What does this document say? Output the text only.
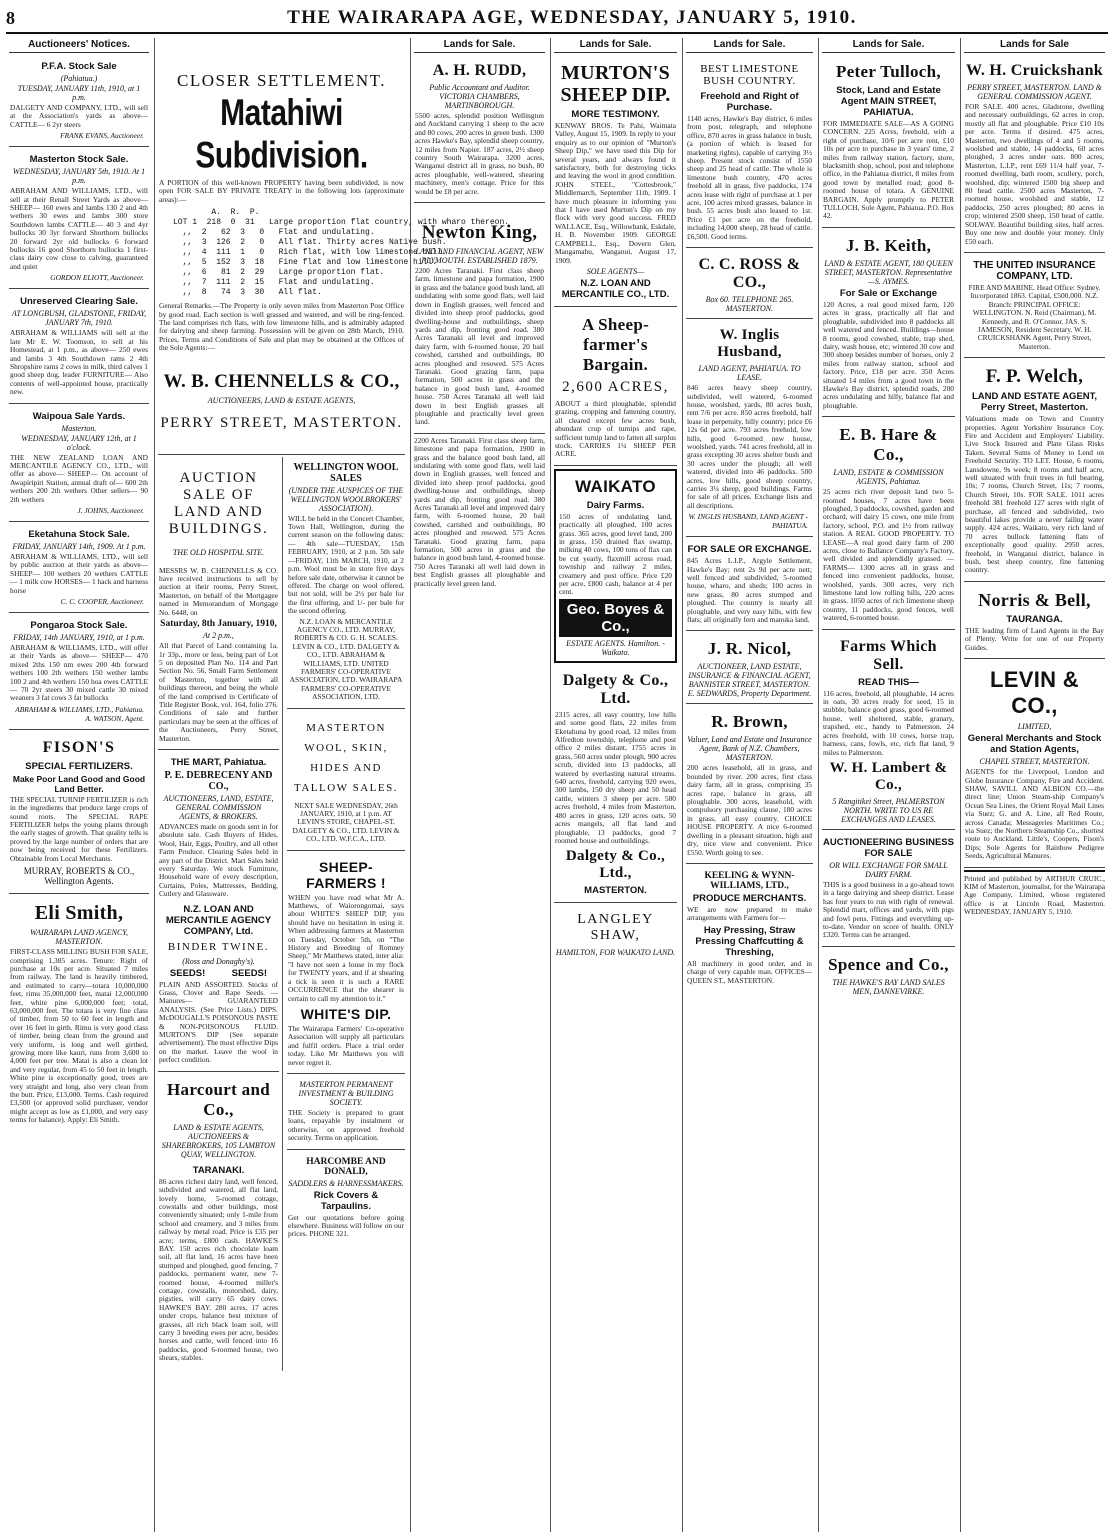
8	THE WAIRARAPA AGE, WEDNESDAY, JANUARY 5, 1910.
Auctioneers' Notices.
P.F.A. Stock Sale
(Pahiatua.)
TUESDAY, JANUARY 11th, 1910, at 1 p.m.
DALGETY AND COMPANY, LTD., will sell at the Association's yards as above— CATTLE— 6 2yr steers
FRANK EVANS, Auctioneer.
Masterton Stock Sale.
WEDNESDAY, JANUARY 5th, 1910. At 1 p.m.
ABRAHAM AND WILLIAMS, LTD., will sell at their Renall Street Yards as above— SHEEP— 160 ewes and lambs 130 2 and 4th wethers 30 ewes and lambs 300 store Southdown lambs CATTLE— 40 3 and 4yr bullocks 30 3yr forward Shorthorn bullocks 20 forward 2yr old bullocks 6 forward bullocks 16 good Shorthorn bullocks 1 first-class dairy cow close to calving, guaranteed and quiet
GORDON ELIOTT, Auctioneer.
Unreserved Clearing Sale.
AT LONGBUSH, GLADSTONE, FRIDAY, JANUARY 7th, 1910.
ABRAHAM & WILLIAMS will sell at the late Mr E. W. Toomson, to sell at his Homestead, at 1 p.m., as above— 250 ewes and lambs 3 4th Southdown rams 2 4th Shropshire rams 2 cows in milk, third calves 1 good sheep dog, leader FURNITURE— Also contents of well-appointed house, practically new.
Waipoua Sale Yards.
Masterton.
WEDNESDAY, JANUARY 12th, at 1 o'clock.
THE NEW ZEALAND LOAN AND MERCANTILE AGENCY CO., LTD., will offer as above— SHEEP— On account of Awapiripiri Station, annual draft of— 600 2th wethers 200 2th wethers Other sellers— 90 2th wethers
J. JOHNS, Auctioneer.
Eketahuna Stock Sale.
FRIDAY, JANUARY 14th, 1909. At 1 p.m.
ABRAHAM & WILLIAMS, LTD., will sell by public auction at their yards as above— SHEEP— 100 wethers 20 wethers CATTLE— 1 milk cow HORSES— 1 hack and harness horse
C. C. COOPER, Auctioneer.
Pongaroa Stock Sale.
FRIDAY, 14th JANUARY, 1910, at 1 p.m.
ABRAHAM & WILLIAMS, LTD., will offer at their Yards as above— SHEEP— 470 mixed 2ths 150 nm ewes 200 4th forward wethers 100 2th wethers 150 wether lambs 100 2 and 4th wethers 150 hoa ewes CATTLE— 70 2yr steers 30 mixed cattle 30 mixed weaners 3 fat cows 3 fat bullocks
ABRAHAM & WILLIAMS, LTD., Pahiatua. A. WATSON, Agent.
FISON'S
SPECIAL FERTILIZERS.
Make Poor Land Good and Good Land Better.
THE SPECIAL TURNIP FERTILIZER is rich in the ingredients that produce large crops of sound roots. The SPECIAL RAPE FERTILIZER helps the young plants through the early stages of growth. That quality tells is proved by the large number of orders that are now being received for these Fertilizers. Obtainable from Local Merchants.
MURRAY, ROBERTS & CO., Wellington Agents.
Eli Smith,
WAIRARAPA LAND AGENCY, MASTERTON.
FIRST-CLASS MILLING BUSH FOR SALE, comprising 1,385 acres. Tenure: Right of purchase at 10s per acre. Situated 7 miles from railway. The land is heavily timbered, and estimated to carry—totara 10,000,000 feet, rimu 35,000,000 feet, matai 12,000,000 feet, white pine 6,000,000 feet; total, 63,000,000 feet. The totara is very fine class of timber, from 50 to 60 feet in length and over 16 feet in girth. Rimu is very good class of timber, being clean from the ground and very uniform, is long and well girthed, growing more like kauri, runs from 3,600 to 4,000 feet per tree. Matai is also a clean lot and very regular, from 45 to 50 feet in length. White pine is exceptionally good, trees are very straight and long, also very clean from the butt. Price, £13,000. Terms. Cash required £3,500 (or approved solid purchaser, vendor might accept as low as £1,000, and very easy terms for balance). Apply: Eli Smith.
CLOSER SETTLEMENT.
Matahiwi Subdivision.
A PORTION of this well-known PROPERTY having been subdivided, is now open FOR SALE BY PRIVATE TREATY in the following lots (approximate areas):—
A.  R.  P.
LOT 1  218  0  31   Large proportion flat country, with wharo thereon.
,,  2   62  3   0   Flat and undulating.
,,  3  126  2   0   All flat. Thirty acres Native bush.
,,  4  111  1   0   Rich flat, with low limestone hill.
,,  5  152  3  18   Fine flat and low limestone hill.
,,  6   81  2  29   Large proportion flat.
,,  7  111  2  15   Flat and undulating.
,,  8   74  3  30   All flat.
General Remarks.—The Property is only seven miles from Masterton Post Office by good road. Each section is well grassed and watered, and will be ring-fenced. The land comprises rich flats, with low limestone hills, and is admirably adapted for dairying and sheep farming. Possession will be given on 28th March, 1910. Prices, Terms and Conditions of Sale and plan may be obtained at the Offices of the Sole Agents:—
W. B. CHENNELLS & CO.,
AUCTIONEERS, LAND & ESTATE AGENTS,
PERRY STREET, MASTERTON.
AUCTION SALE OF LAND AND BUILDINGS.
THE OLD HOSPITAL SITE.
MESSRS W. B. CHENNELLS & CO. have received instructions to sell by auction at their rooms, Perry Street, Masterton, on behalf of the Mortgagee named in Memorandum of Mortgage No. 6448, on
Saturday, 8th January, 1910,
At 2 p.m.,
All that Parcel of Land containing 1a. 1r 33p., more or less, being part of Lot 5 on deposited Plan No. 114 and Part Section No. 56, Small Farm Settlement of Masterton, together with all buildings thereon, and being the whole of the land comprised in Certificate of Title Register Book, vol. 164, folio 276. Conditions of sale and further particulars may be seen at the offices of the Auctioneers, Perry Street, Masterton.
THE MART, Pahiatua.
P. E. DEBRECENY AND CO.,
AUCTIONEERS, LAND, ESTATE, GENERAL COMMISSION AGENTS, & BROKERS.
ADVANCES made on goods sent in for absolute sale. Cash Buyers of Hides, Wool, Hair, Eggs, Poultry, and all other Farm Produce. Clearing Sales held in any part of the District. Mart Sales held every Saturday. We stock Furniture, Household ware of every description, Curtains, Poles, Mattresses, Bedding, Cutlery and Glassware.
N.Z. LOAN AND MERCANTILE AGENCY COMPANY, Ltd.
BINDER TWINE.
(Ross and Donaghy's).
SEEDS!          SEEDS!
PLAIN AND ASSORTED. Stocks of Grass, Clover and Rape Seeds. —Manures— GUARANTEED ANALYSIS. (See Price Lists.) DIPS. McDOUGALL'S POISONOUS PASTE & NON-POISONOUS FLUID. MURTON'S DIP (See separate advertisement). The most effective Dips on the market. Leave the wool in perfect condition.
Harcourt and Co.,
LAND & ESTATE AGENTS, AUCTIONEERS & SHAREBROKERS, 105 LAMBTON QUAY, WELLINGTON.
TARANAKI.
86 acres richest dairy land, well fenced, subdivided and watered, all flat land, lovely home, 5-roomed cottage, cowstalls and other buildings, most conveniently situated; only 1-mile from school and creamery, and 3 miles from railway by metal road. Price is £35 per acre; terms, £800 cash. HAWKE'S BAY. 150 acres rich chocolate loam soil, all flat land, 16 acres have been stumped and ploughed, good fencing, 7 paddocks, permanent water, new 7-roomed house, 4-roomed miller's cottage, cowstalls, motorshed, dairy, pigsties, will carry 65 dairy cows. HAWKE'S BAY. 280 acres, 17 acres under crops, balance best mixture of grasses, all rich black loam soil, will carry 3 breeding ewes per acre, besides horses and cattle, well fenced into 16 paddocks, good 6-roomed house, two shears, stables.
WELLINGTON WOOL SALES
(UNDER THE AUSPICES OF THE WELLINGTON WOOLBROKERS' ASSOCIATION).
WILL be held in the Concert Chamber, Town Hall, Wellington, during the current season on the following dates:— 4th sale—TUESDAY, 15th FEBRUARY, 1910, at 2 p.m. 5th sale—FRIDAY, 11th MARCH, 1910, at 2 p.m. Wool must be in store five days before sale date, otherwise it cannot be offered. The charge on wool offered, but not sold, will be 2½ per bale for the first offering, and 1/- per bale for the second offering.
N.Z. LOAN & MERCANTILE AGENCY CO., LTD. MURRAY, ROBERTS & CO. G. H. SCALES. LEVIN & CO., LTD. DALGETY & CO., LTD. ABRAHAM & WILLIAMS, LTD. UNITED FARMERS' CO-OPERATIVE ASSOCIATION, LTD. WAIRARAPA FARMERS' CO-OPERATIVE ASSOCIATION, LTD.
MASTERTON WOOL, SKIN, HIDES AND TALLOW SALES.
NEXT SALE WEDNESDAY, 26th JANUARY, 1910, at 1 p.m. AT LEVIN'S STORE, CHAPEL-ST. DALGETY & CO., LTD. LEVIN & CO., LTD. W.F.C.A., LTD.
SHEEP-FARMERS !
WHEN you have read what Mr A. Matthews, of Waiorongomai, says about WHITE'S SHEEP DIP, you should have no hesitation in using it. When addressing farmers at Masterton on Tuesday, October 5th, on "The History and Breeding of Romney Sheep," Mr Matthews stated, inter alia: "I have not seen a louse in my flock for TWENTY years, and if at shearing a tick is seen it is such a RARE OCCURRENCE that the shearer is certain to call my attention to it."
WHITE'S DIP.
The Wairarapa Farmers' Co-operative Association will supply all particulars and fulfil orders. Place a trial order today. Like Mr Matthews you will never regret it.
MASTERTON PERMANENT INVESTMENT & BUILDING SOCIETY.
THE Society is prepared to grant loans, repayable by instalment or otherwise, on approved freehold security. Terms on application.
HARCOMBE AND DONALD,
SADDLERS & HARNESSMAKERS.
Rick Covers & Tarpaulins.
Get our quotations before going elsewhere. Business will follow on our prices. PHONE 321.
Lands for Sale.
A. H. RUDD,
Public Accountant and Auditor. VICTORIA CHAMBERS, MARTINBOROUGH.
5500 acres, splendid position Wellington and Auckland carrying 1 sheep to the acre and 80 cows, 200 acres in green bush. 1300 acres Hawke's Bay, splendid sheep country, 12 miles from Napier. 187 acres, 2½ sheep country South Wairarapa. 3200 acres, Wanganui district all in grass, no bush, 80 acres ploughable, well-watered, shearing machinery, men's cottage. Price for this would be £8 per acre.
Newton King,
LAND AND FINANCIAL AGENT, NEW PLYMOUTH. ESTABLISHED 1879.
2200 Acres Taranaki. First class sheep farm, limestone and papa formation, 1900 in grass and the balance good bush land, all undulating with some good flats, well laid down in English grasses, well fenced and divided into sheep proof paddocks, good dwelling-house and outbuildings, sheep yards and dip, fronting good road. 380 Acres Taranaki all level and improved dairy farm, with 6-roomed house, 20 bail cowshed, cartshed and outbuildings, 80 acres ploughed and resowed. 575 Acres Taranaki. Good grazing farm, papa formation, 500 acres in grass and the balance in good bush land, 4-roomed house. 750 Acres Taranaki all well laid down in best English grasses all ploughable and practically level green land.
2200 Acres Taranaki. First class sheep farm, limestone and papa formation, 1900 in grass and the balance good bush land, all undulating with some good flats, well laid down in English grasses, well fenced and divided into sheep proof paddocks, good dwelling-house and outbuildings, sheep yards and dip, fronting good road. 380 Acres Taranaki all level and improved dairy farm, with 6-roomed house, 20 bail cowshed, cartshed and outbuildings, 80 acres ploughed and resowed. 575 Acres Taranaki. Good grazing farm, papa formation, 500 acres in grass and the balance in good bush land, 4-roomed house. 750 Acres Taranaki all well laid down in best English grasses all ploughable and practically level green land.
Lands for Sale.
MURTON'S SHEEP DIP.
MORE TESTIMONY.
KENWAY BROS. Te Pahi, Waimata Valley, August 15, 1909. In reply to your enquiry as to our opinion of "Murton's Sheep Dip," we have used this Dip for several years, and always found it satisfactory, both for destroying ticks and leaving the wool in good condition. JOHN STEEL, "Cottesbrook," Middlemarch, September 11th, 1909. I have much pleasure in informing you that I have used Murton's Dip on my flock with very good success. FRED WALLACE, Esq., Willowbank, Eskdale, H. B. November 1909. GEORGE CAMPBELL, Esq., Dovern Glen, Mangamahu, Wanganui, August 17, 1909.
SOLE AGENTS—
N.Z. LOAN AND MERCANTILE CO., LTD.
A Sheep-farmer's Bargain.
2,600 ACRES,
ABOUT a third ploughable, splendid grazing, cropping and fattening country, all cleared except few acres bush, abundant crop of turnips and rape, sufficient turnip land to fatten all surplus stock. CARRIES 1¼ SHEEP PER ACRE.
WAIKATO
Dairy Farms.
150 acres of undulating land, practically all ploughed, 100 acres grass. 365 acres, good level land, 200 in grass, 150 drained flax swamp, milking 40 cows, 100 tons of flax can be cut yearly, flaxmill across road, township and railway 2 miles, creamery and post office. Price £20 per acre, £800 cash, balance at 4 per cent.
Geo. Boyes & Co.,
ESTATE AGENTS. Hamilton. - Waikato.
Dalgety & Co., Ltd.
2315 acres, all easy country, low hills and some good flats, 22 miles from Eketahuna by good road, 12 miles from Alfredton township, telephone and post office 2 miles distant, 1755 acres in grass, 560 acres under plough, 900 acres scrub, divided into 13 paddocks, all watered by everlasting natural streams. 640 acres, freehold, carrying 920 ewes, 300 lambs, 150 dry sheep and 50 head cattle, winters 3 sheep per acre. 580 acres freehold, 4 miles from Masterton, 480 acres in grass, 120 acres oats, 50 acres mangels, all flat land and ploughable, 13 paddocks, good 7 roomed house and outbuildings.
Dalgety & Co., Ltd.,
MASTERTON.
LANGLEY SHAW,
HAMILTON, FOR WAIKATO LAND.
Lands for Sale.
BEST LIMESTONE BUSH COUNTRY.
Freehold and Right of Purchase.
1140 acres, Hawke's Bay district, 6 miles from post, telegraph, and telephone office, 870 acres in grass balance in bush, (a portion of which is leased for marketing rights), capable of carrying 3½ sheep. Present stock consist of 1550 sheep and 25 head of cattle. The whole is limestone bush country, 470 acres freehold all in grass, five paddocks, 174 acres lease with right of purchase at 1 per acre, 100 acres mixed grasses, balance in bush. 55 acres bush also leased to 1st. Price £1 per acre on the freehold, including 14,000 sheep, 28 head of cattle. £6,500. Good terms.
C. C. ROSS & CO.,
Box 60. TELEPHONE 265. MASTERTON.
W. Inglis Husband,
LAND AGENT, PAHIATUA. TO LEASE.
846 acres heavy sheep country, subdivided, well watered, 6-roomed house, woolshed, yards, 80 acres bush, rent 7/6 per acre. 850 acres freehold, half lease in perpetuity, hilly country; price £6 12s 6d per acre. 793 acres freehold, low hills, good 6-roomed new house, woolshed, yards. 741 acres freehold, all in grass excepting 30 acres shelter bush and 30 acres under the plough; all well watered, divided into 46 paddocks. 500 acres, low hills, good sheep country, carries 3¼ sheep, good buildings. Farms for sale of all prices. Exchange lists and all descriptions.
W. INGLIS HUSBAND, LAND AGENT - PAHIATUA.
FOR SALE OR EXCHANGE.
845 Acres L.I.P., Argyle Settlement, Hawke's Bay; rent 2s 9d per acre nett; well fenced and subdivided, 5-roomed house, wharo, and sheds; 100 acres in new grass, 80 acres stumped and ploughed. The country is nearly all ploughable, and very easy hills, with few flats; all originally fern and manuka land.
J. R. Nicol,
AUCTIONEER, LAND ESTATE, INSURANCE & FINANCIAL AGENT, BANNISTER STREET, MASTERTON. E. SEDWARDS, Property Department.
R. Brown,
Valuer, Land and Estate and Insurance Agent, Bank of N.Z. Chambers, MASTERTON.
200 acres leasehold, all in grass, and bounded by river. 200 acres, first class dairy farm, all in grass, comprising 35 acres rape, balance in grass, all ploughable. 300 acres, leasehold, with compulsory purchasing clause, 180 acres in grass, all easy country. CHOICE HOUSE PROPERTY. A nice 6-roomed dwelling in a pleasant situation, high and dry, nice view and convenient. Price £550. Worth going to see.
KEELING & WYNN-WILLIAMS, LTD.,
PRODUCE MERCHANTS.
WE are now prepared to make arrangements with Farmers for—
Hay Pressing, Straw Pressing Chaffcutting & Threshing,
All machinery in good order, and in charge of very capable man. OFFICES—QUEEN ST., MASTERTON.
Lands for Sale.
Peter Tulloch,
Stock, Land and Estate Agent MAIN STREET, PAHIATUA.
FOR IMMEDIATE SALE—AS A GOING CONCERN. 225 Acres, freehold, with a right of purchase, 10/6 per acre rent, £10 10s per acre to purchase in 3 years' time, 2 miles from railway station, factory, store, blacksmith shop, school, post and telephone office, in the Pahiatua district, 8 miles from good town by metalled road; good 8-roomed house of totara. A GENUINE BARGAIN. Apply promptly to PETER TULLOCH, Sole Agent, Pahiatua. P.O. Box 42.
J. B. Keith,
LAND & ESTATE AGENT, 180 QUEEN STREET, MASTERTON. Representative—S. AYMES.
For Sale or Exchange
120 Acres, a real good mixed farm, 120 acres in grass, practically all flat and ploughable, subdivided into 8 paddocks all well watered and fenced. Buildings—house 8 rooms, good cowshed, stable, trap shed, dairy, wash house, etc; wintered 30 cow and 300 sheep besides number of horses, only 2 miles from railway station, school and factory. Price, £18 per acre. 350 Acres situated 14 miles from a good town in the Hawke's Bay district, splendid roads, 200 acres undulating and hilly, balance flat and ploughable.
E. B. Hare & Co.,
LAND, ESTATE & COMMISSION AGENTS, Pahiatua.
25 acres rich river deposit land two 5-roomed houses, 7 acres have been ploughed, 3 paddocks, cowshed, garden and orchard, will dairy 15 cows, one mile from factory, school, P.O. and 1½ from railway station. A REAL GOOD PROPERTY. TO LEASE—A real good dairy farm of 200 acres, close to Ballance Company's Factory, well divided and splendidly grassed. —FARMS— 1300 acres all in grass and fenced into convenient paddocks, house, woolshed, yards. 300 acres, very rich limestone land low rolling hills, 220 acres in grass. 1050 acres of rich limestone sheep country, 11 paddocks, good fences, well watered, 6-roomed house.
Farms Which Sell.
READ THIS—
116 acres, freehold, all ploughable, 14 acres in oats, 30 acres ready for seed, 15 in stubble, balance good grass, good 6-roomed house, well sheltered, stable, granary, trapshed, etc., handy to Palmerston. 24 acres freehold, with 10 cows, horse trap, harness, cans, fowls, etc, rich flat land, 9 miles to Palmerston.
W. H. Lambert & Co.,
5 Rangitikei Street, PALMERSTON NORTH. WRITE TO US RE EXCHANGES AND LEASES.
AUCTIONEERING BUSINESS FOR SALE
OR WILL EXCHANGE FOR SMALL DAIRY FARM.
THIS is a good business in a go-ahead town in a large dairying and sheep district. Lease has four years to run with right of renewal. Splendid mart, offices and yards, with pigs and fowl pens. Fittings and everything up-to-date. Vendor on score of health. ONLY £320. Terms can be arranged.
Spence and Co.,
THE HAWKE'S BAY LAND SALES MEN, DANNEVIRKE.
Lands for Sale
W. H. Cruickshank
PERRY STREET, MASTERTON. LAND & GENERAL COMMISSION AGENT.
FOR SALE. 400 acres, Gladstone, dwelling and necessary outbuildings, 62 acres in crop, mostly all flat and ploughable. Price £10 10s per acre. Terms if desired. 475 acres, Masterton, two dwellings of 4 and 5 rooms, woolshed and stable, 14 paddocks, 60 acres ploughed, 3 acres under oats. 800 acres, Masterton, L.I.P., rent £69 11/4 half year, 7-roomed dwelling, bath room, scullery, porch, woolshed, dip; wintered 1500 big sheep and 80 head cattle. 2500 acres Masterton, 7-roomed house, woolshed and stable, 12 paddocks, 250 acres ploughed; 80 acres in crop; wintered 2500 sheep, 150 head of cattle. SOLWAY. Beautiful building sites, half acres. Buy one now and double your money. Only £50 each.
THE UNITED INSURANCE COMPANY, LTD.
FIRE AND MARINE. Head Office: Sydney. Incorporated 1863. Capital, £500,000. N.Z. Branch: PRINCIPAL OFFICE: WELLINGTON. N. Reid (Chairman), M. Kennedy, and R. O'Connor. JAS. S. JAMESON, Resident Secretary. W. H. CRUICKSHANK Agent, Perry Street, Masterton.
F. P. Welch,
LAND AND ESTATE AGENT, Perry Street, Masterton.
Valuations made on Town and Country properties. Agent Yorkshire Insurance Coy. Fire and Accident and Employers' Liability. Live Stock Insured and Plate Glass Risks Taken. Several Sums of Money to Lend on Freehold Security. TO LET. House, 6 rooms, Lansdowne, 9s week; 8 rooms and half acre, well situated with fruit trees in full bearing, 10s; 7 rooms, Church Street, 11s; 7 rooms, Church Street, 10s. FOR SALE. 1011 acres freehold 381 freehold 127 acres with right of purchase, all fenced and subdivided, two beautiful lakes provide a never failing water supply. 424 acres, Waikato, very rich land of 70 acres bullock fattening flats of exceptionally good quality. 2950 acres, freehold, in Wanganui district, balance in bush, best sheep country, fine fattening country.
Norris & Bell,
TAURANGA.
THE leading firm of Land Agents in the Bay of Plenty. Write for one of our Property Guides.
LEVIN & CO.,
LIMITED,
General Merchants and Stock and Station Agents,
CHAPEL STREET, MASTERTON.
AGENTS for the Liverpool, London and Globe Insurance Company, Fire and Accident. SHAW, SAVILL AND ALBION CO.—the direct line; Union Steam-ship Company's Ocean Sea Lines, the Orient Royal Mail Lines via Suez; G. and A. Line, all Red Route, across Canada; Messageries Maritimes Co.; via Suez; the Northern Steamship Co., shortest route to Auckland. Little's, Coopers, Fison's Dips; Sole Agents for Rainbow Pedigree Seeds, Agricultural Manures.
Printed and published by ARTHUR CRUIC., KIM of Masterton, journalist, for the Wairarapa Age Company, Limited, whose registered office is at Lincoln Road, Masterton. WEDNESDAY, JANUARY 5, 1910.
